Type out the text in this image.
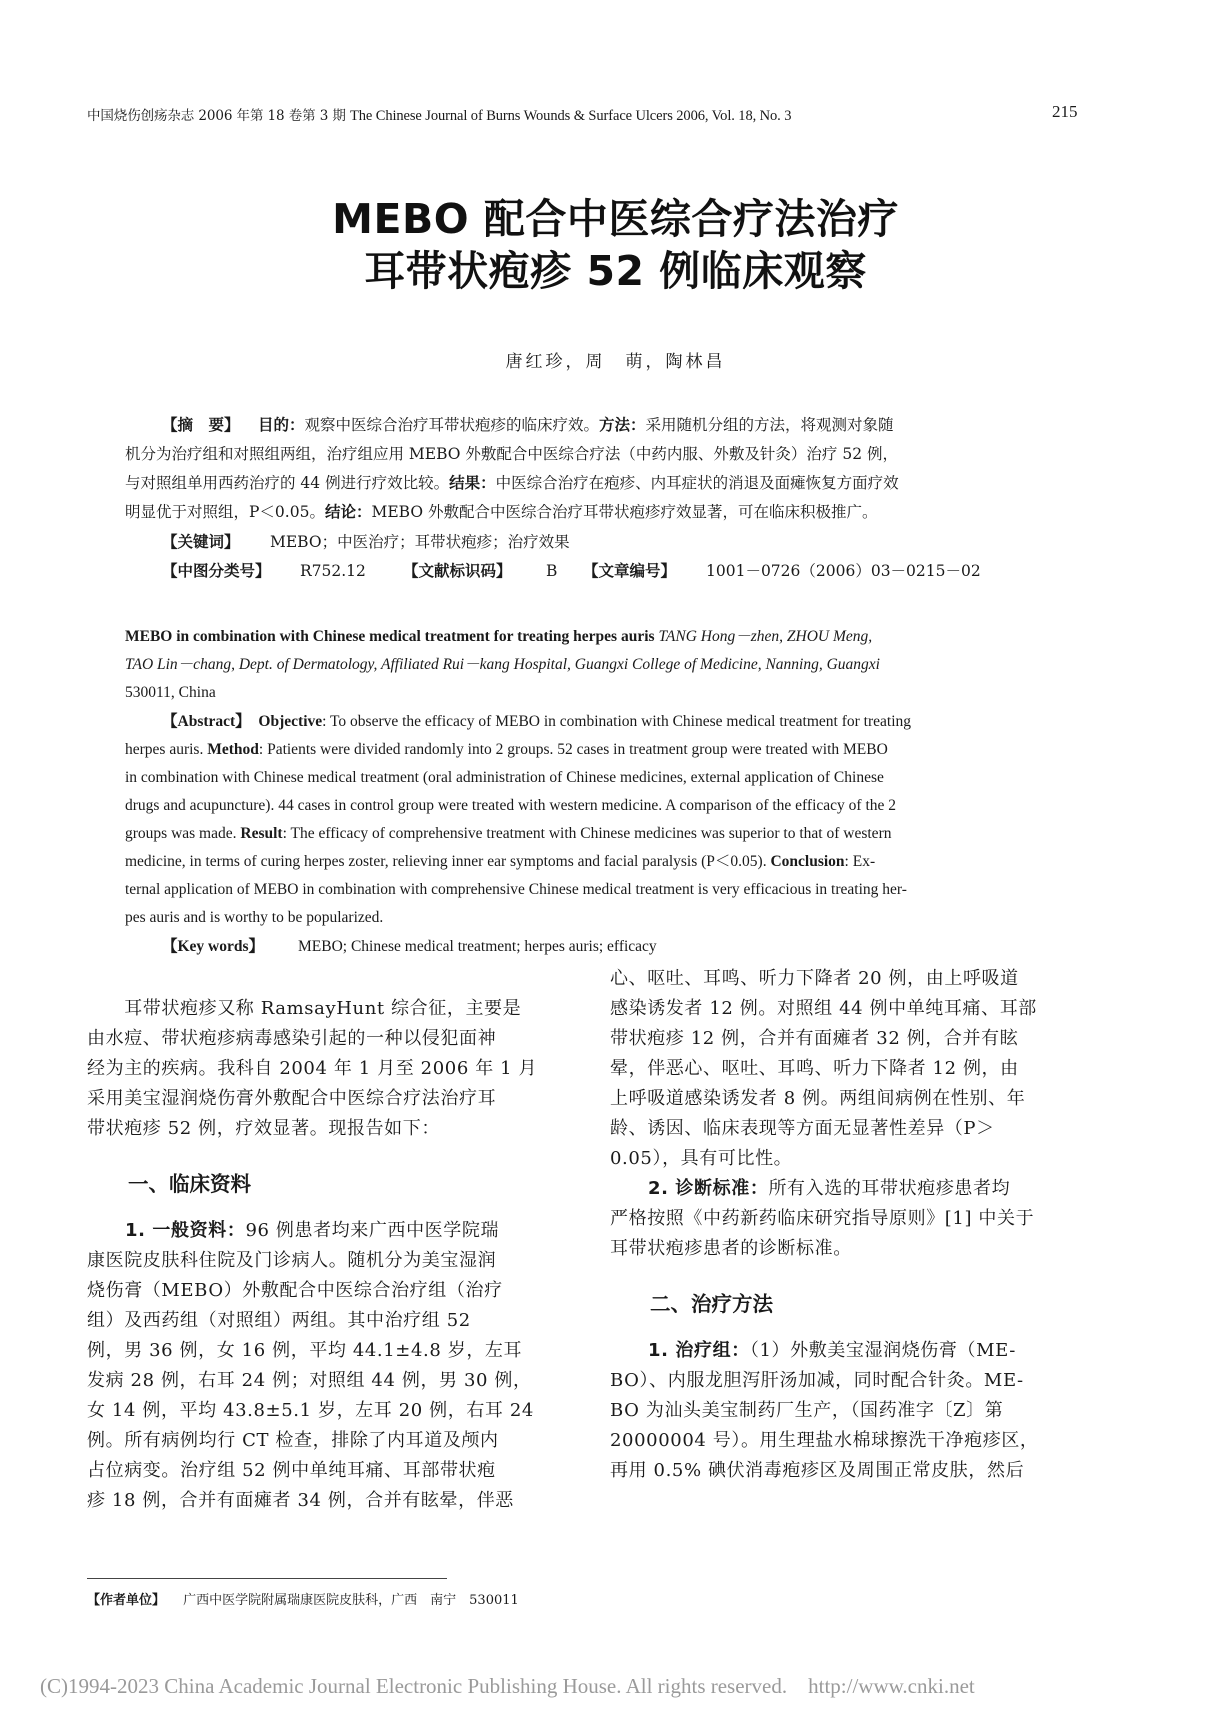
中国烧伤创疡杂志 2006 年第 18 卷第 3 期 The Chinese Journal of Burns Wounds & Surface Ulcers 2006, Vol. 18, No. 3	215
MEBO 配合中医综合疗法治疗
耳带状疱疹 52 例临床观察
唐红珍，周　萌，陶林昌
【摘　要】 目的：观察中医综合治疗耳带状疱疹的临床疗效。方法：采用随机分组的方法，将观测对象随
机分为治疗组和对照组两组，治疗组应用 MEBO 外敷配合中医综合疗法（中药内服、外敷及针灸）治疗 52 例，
与对照组单用西药治疗的 44 例进行疗效比较。结果：中医综合治疗在疱疹、内耳症状的消退及面瘫恢复方面疗效
明显优于对照组，P＜0.05。结论：MEBO 外敷配合中医综合治疗耳带状疱疹疗效显著，可在临床积极推广。
【关键词】 MEBO；中医治疗；耳带状疱疹；治疗效果
【中图分类号】 R752.12 【文献标识码】 B 【文章编号】 1001－0726（2006）03－0215－02
MEBO in combination with Chinese medical treatment for treating herpes auris TANG Hong－zhen, ZHOU Meng,
TAO Lin－chang, Dept. of Dermatology, Affiliated Rui－kang Hospital, Guangxi College of Medicine, Nanning, Guangxi
530011, China
【Abstract】　Objective: To observe the efficacy of MEBO in combination with Chinese medical treatment for treating
herpes auris. Method: Patients were divided randomly into 2 groups. 52 cases in treatment group were treated with MEBO
in combination with Chinese medical treatment (oral administration of Chinese medicines, external application of Chinese
drugs and acupuncture). 44 cases in control group were treated with western medicine. A comparison of the efficacy of the 2
groups was made. Result: The efficacy of comprehensive treatment with Chinese medicines was superior to that of western
medicine, in terms of curing herpes zoster, relieving inner ear symptoms and facial paralysis (P＜0.05). Conclusion: Ex-
ternal application of MEBO in combination with comprehensive Chinese medical treatment is very efficacious in treating her-
pes auris and is worthy to be popularized.
【Key words】 MEBO; Chinese medical treatment; herpes auris; efficacy
　　耳带状疱疹又称 RamsayHunt 综合征，主要是
由水痘、带状疱疹病毒感染引起的一种以侵犯面神
经为主的疾病。我科自 2004 年 1 月至 2006 年 1 月
采用美宝湿润烧伤膏外敷配合中医综合疗法治疗耳
带状疱疹 52 例，疗效显著。现报告如下：
一、临床资料
1. 一般资料：96 例患者均来广西中医学院瑞
康医院皮肤科住院及门诊病人。随机分为美宝湿润
烧伤膏（MEBO）外敷配合中医综合治疗组（治疗
组）及西药组（对照组）两组。其中治疗组 52
例，男 36 例，女 16 例，平均 44.1±4.8 岁，左耳
发病 28 例，右耳 24 例；对照组 44 例，男 30 例，
女 14 例，平均 43.8±5.1 岁，左耳 20 例，右耳 24
例。所有病例均行 CT 检查，排除了内耳道及颅内
占位病变。治疗组 52 例中单纯耳痛、耳部带状疱
疹 18 例，合并有面瘫者 34 例，合并有眩晕，伴恶
心、呕吐、耳鸣、听力下降者 20 例，由上呼吸道
感染诱发者 12 例。对照组 44 例中单纯耳痛、耳部
带状疱疹 12 例，合并有面瘫者 32 例，合并有眩
晕，伴恶心、呕吐、耳鸣、听力下降者 12 例，由
上呼吸道感染诱发者 8 例。两组间病例在性别、年
龄、诱因、临床表现等方面无显著性差异（P＞
0.05），具有可比性。
2. 诊断标准：所有入选的耳带状疱疹患者均
严格按照《中药新药临床研究指导原则》[1] 中关于
耳带状疱疹患者的诊断标准。
二、治疗方法
1. 治疗组：（1）外敷美宝湿润烧伤膏（ME-
BO）、内服龙胆泻肝汤加减，同时配合针灸。ME-
BO 为汕头美宝制药厂生产，（国药准字〔Z〕第
20000004 号）。用生理盐水棉球擦洗干净疱疹区，
再用 0.5% 碘伏消毒疱疹区及周围正常皮肤，然后
【作者单位】 广西中医学院附属瑞康医院皮肤科，广西　南宁　530011
(C)1994-2023 China Academic Journal Electronic Publishing House. All rights reserved.　http://www.cnki.net
